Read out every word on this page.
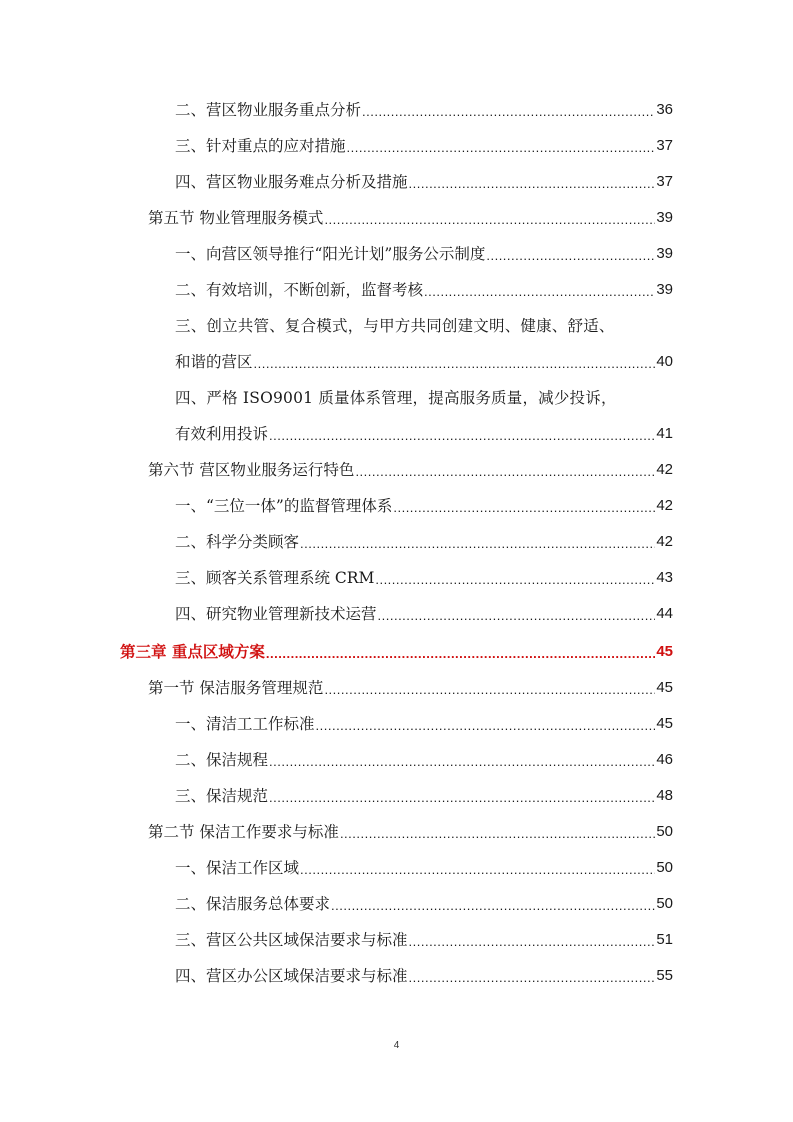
二、营区物业服务重点分析 .....	36
三、针对重点的应对措施 .....	37
四、营区物业服务难点分析及措施 .....	37
第五节 物业管理服务模式 .....	39
一、向营区领导推行“阳光计划”服务公示制度 .....	39
二、有效培训，不断创新，监督考核 .....	39
三、创立共管、复合模式，与甲方共同创建文明、健康、舒适、
和谐的营区 .....	40
四、严格 ISO9001 质量体系管理，提高服务质量，减少投诉，
有效利用投诉 .....	41
第六节 营区物业服务运行特色 .....	42
一、“三位一体”的监督管理体系 .....	42
二、科学分类顾客 .....	42
三、顾客关系管理系统 CRM .....	43
四、研究物业管理新技术运营 .....	44
第三章 重点区域方案 .....	45
第一节 保洁服务管理规范 .....	45
一、清洁工工作标准 .....	45
二、保洁规程 .....	46
三、保洁规范 .....	48
第二节 保洁工作要求与标准 .....	50
一、保洁工作区域 .....	50
二、保洁服务总体要求 .....	50
三、营区公共区域保洁要求与标准 .....	51
四、营区办公区域保洁要求与标准 .....	55
4
